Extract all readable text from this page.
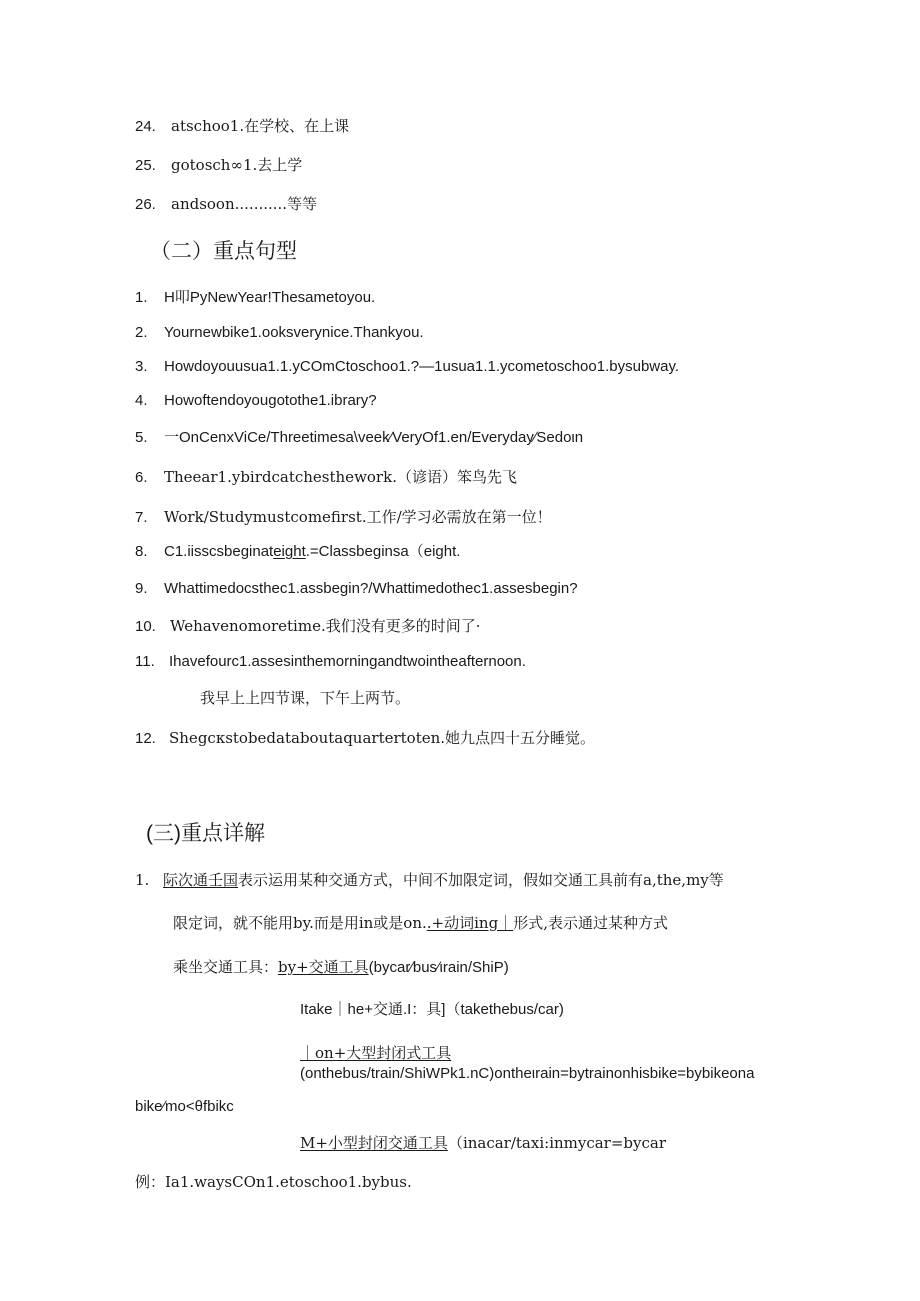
24. atschoo1.在学校、在上课
25. gotosch∞1.去上学
26. andsoon...........等等
（二）重点句型
1. H叩PyNewYear!Thesametoyou.
2. Yournewbike1.ooksverynice.Thankyou.
3. Howdoyouusua1.1.yCOmCtoschoo1.?—1usua1.1.ycometoschoo1.bysubway.
4. Howoftendoyougotothe1.ibrary?
5. 一OnCenxViCe/Threetimesa\veek∕VeryOf1.en/Everyday∕Sedoιn
6. Theear1.ybirdcatchesthework.（谚语）笨鸟先飞
7. Work/Studymustcomefirst.工作/学习必需放在第一位！
8. C1.iisscsbeginateight.=Classbeginsa（eight.
9. Whattimedocsthec1.assbegin?/Whattimedothec1.assesbegin?
10. Wehavenomoretime.我们没有更多的时间了·
11. Ihavefourc1.assesinthemorningandtwointheafternoon.
我早上上四节课，下午上两节。
12. Shegcκstobedataboutaquartertoten.她九点四十五分睡觉。
(三)重点详解
1. 际次通壬国表示运用某种交通方式，中间不加限定词，假如交通工具前有a,the,my等
限定词，就不能用by.而是用in或是on..+动词ing｜形式,表示通过某种方式
乘坐交通工具：by+交通工具(bycar∕bus∕ιrain/ShiP)
Itake｜he+交通.I：具]（takethebus/car)
｜on+大型封闭式工具
(onthebus/train/ShiWPk1.nC)ontheιrain=bytrainonhisbike=bybikeona
bike∕mo<θfbikc
M+小型封闭交通工具（inacar/taxi:inmycar=bycar
例：Ia1.waysCOn1.etoschoo1.bybus.
